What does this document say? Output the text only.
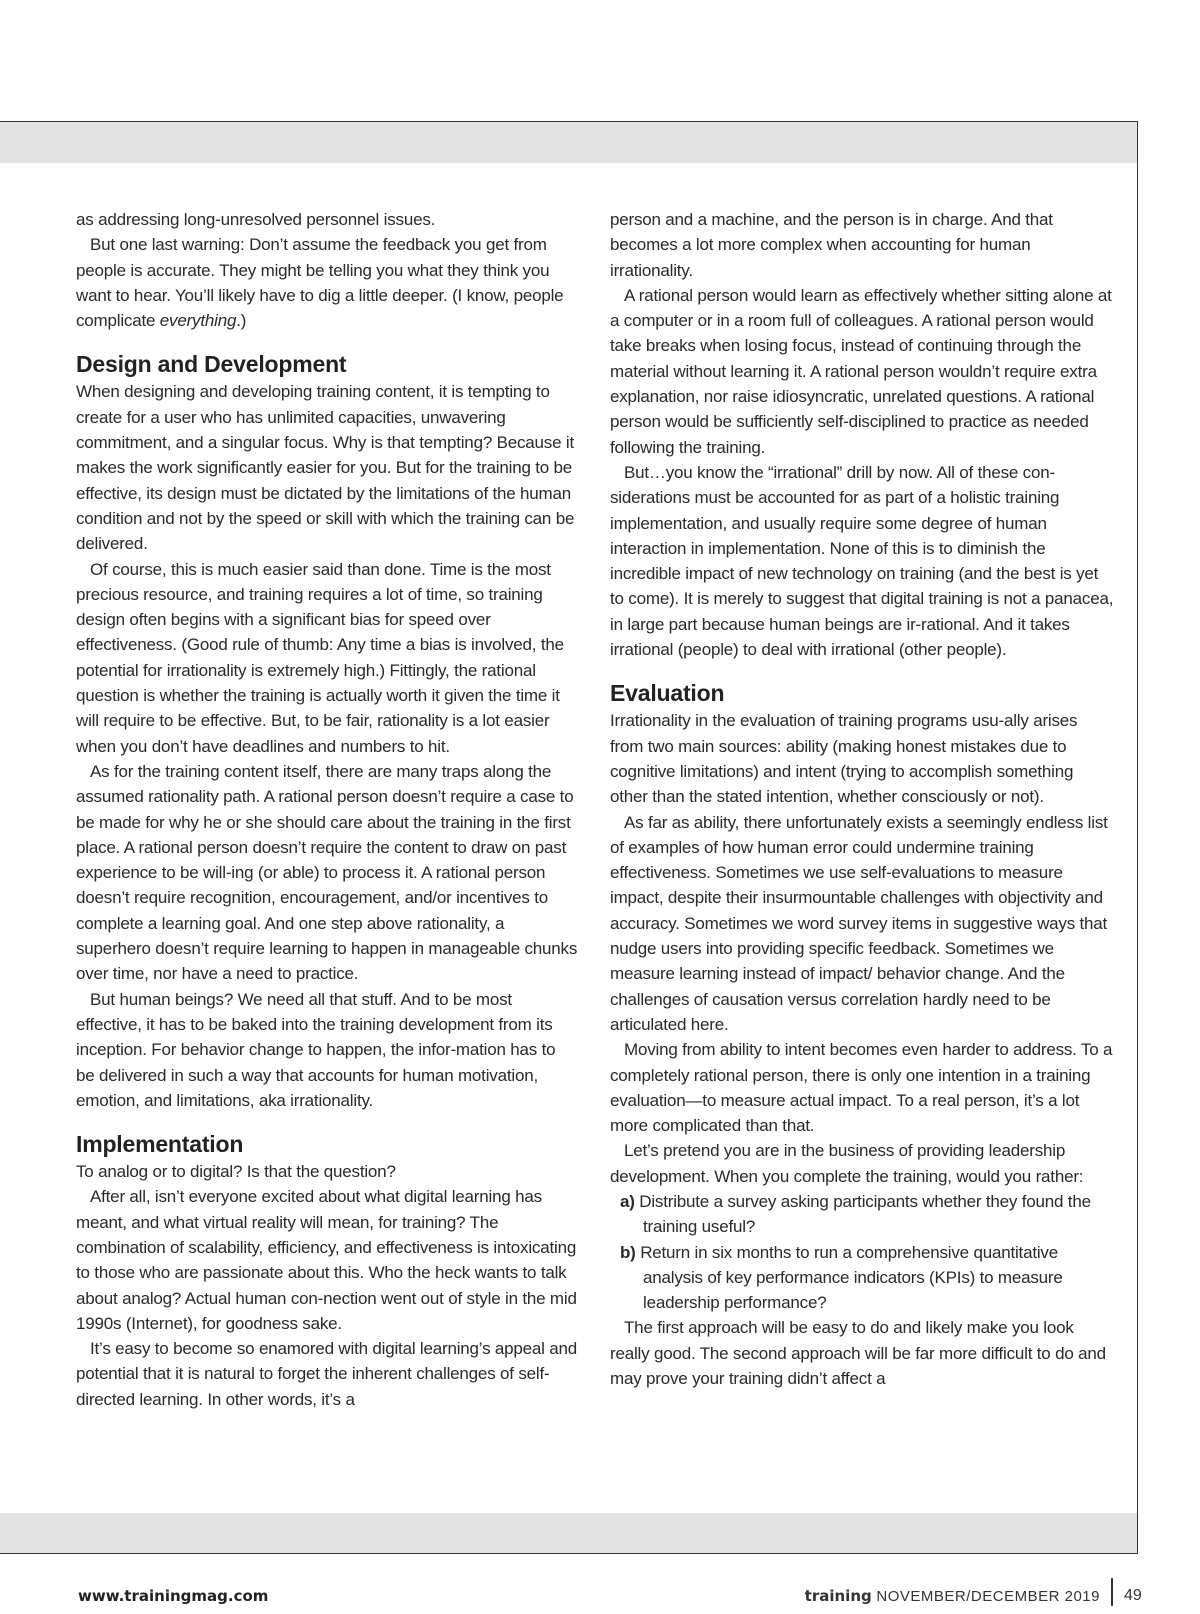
as addressing long-unresolved personnel issues.

But one last warning: Don’t assume the feedback you get from people is accurate. They might be telling you what they think you want to hear. You’ll likely have to dig a little deeper. (I know, people complicate everything.)

Design and Development

When designing and developing training content, it is tempting to create for a user who has unlimited capacities, unwavering commitment, and a singular focus. Why is that tempting? Because it makes the work significantly easier for you. But for the training to be effective, its design must be dictated by the limitations of the human condition and not by the speed or skill with which the training can be delivered.

Of course, this is much easier said than done. Time is the most precious resource, and training requires a lot of time, so training design often begins with a significant bias for speed over effectiveness. (Good rule of thumb: Any time a bias is involved, the potential for irrationality is extremely high.) Fittingly, the rational question is whether the training is actually worth it given the time it will require to be effective. But, to be fair, rationality is a lot easier when you don’t have deadlines and numbers to hit.

As for the training content itself, there are many traps along the assumed rationality path. A rational person doesn’t require a case to be made for why he or she should care about the training in the first place. A rational person doesn’t require the content to draw on past experience to be will-ing (or able) to process it. A rational person doesn’t require recognition, encouragement, and/or incentives to complete a learning goal. And one step above rationality, a superhero doesn’t require learning to happen in manageable chunks over time, nor have a need to practice.

But human beings? We need all that stuff. And to be most effective, it has to be baked into the training development from its inception. For behavior change to happen, the infor-mation has to be delivered in such a way that accounts for human motivation, emotion, and limitations, aka irrationality.

Implementation

To analog or to digital? Is that the question?

After all, isn’t everyone excited about what digital learning has meant, and what virtual reality will mean, for training? The combination of scalability, efficiency, and effectiveness is intoxicating to those who are passionate about this. Who the heck wants to talk about analog? Actual human con-nection went out of style in the mid 1990s (Internet), for goodness sake.

It’s easy to become so enamored with digital learning’s appeal and potential that it is natural to forget the inherent challenges of self-directed learning. In other words, it’s a

person and a machine, and the person is in charge. And that becomes a lot more complex when accounting for human irrationality.

A rational person would learn as effectively whether sitting alone at a computer or in a room full of colleagues. A rational person would take breaks when losing focus, instead of continuing through the material without learning it. A rational person wouldn’t require extra explanation, nor raise idiosyncratic, unrelated questions. A rational person would be sufficiently self-disciplined to practice as needed following the training.

But…you know the “irrational” drill by now. All of these con-siderations must be accounted for as part of a holistic training implementation, and usually require some degree of human interaction in implementation. None of this is to diminish the incredible impact of new technology on training (and the best is yet to come). It is merely to suggest that digital training is not a panacea, in large part because human beings are ir-rational. And it takes irrational (people) to deal with irrational (other people).

Evaluation

Irrationality in the evaluation of training programs usu-ally arises from two main sources: ability (making honest mistakes due to cognitive limitations) and intent (trying to accomplish something other than the stated intention, whether consciously or not).

As far as ability, there unfortunately exists a seemingly endless list of examples of how human error could undermine training effectiveness. Sometimes we use self-evaluations to measure impact, despite their insurmountable challenges with objectivity and accuracy. Sometimes we word survey items in suggestive ways that nudge users into providing specific feedback. Sometimes we measure learning instead of impact/ behavior change. And the challenges of causation versus correlation hardly need to be articulated here.

Moving from ability to intent becomes even harder to address. To a completely rational person, there is only one intention in a training evaluation—to measure actual impact. To a real person, it’s a lot more complicated than that.

Let’s pretend you are in the business of providing leadership development. When you complete the training, would you rather:

a) Distribute a survey asking participants whether they found the training useful?
b) Return in six months to run a comprehensive quantitative analysis of key performance indicators (KPIs) to measure leadership performance?

The first approach will be easy to do and likely make you look really good. The second approach will be far more difficult to do and may prove your training didn’t affect a

www.trainingmag.com	training NOVEMBER/DECEMBER 2019 49
